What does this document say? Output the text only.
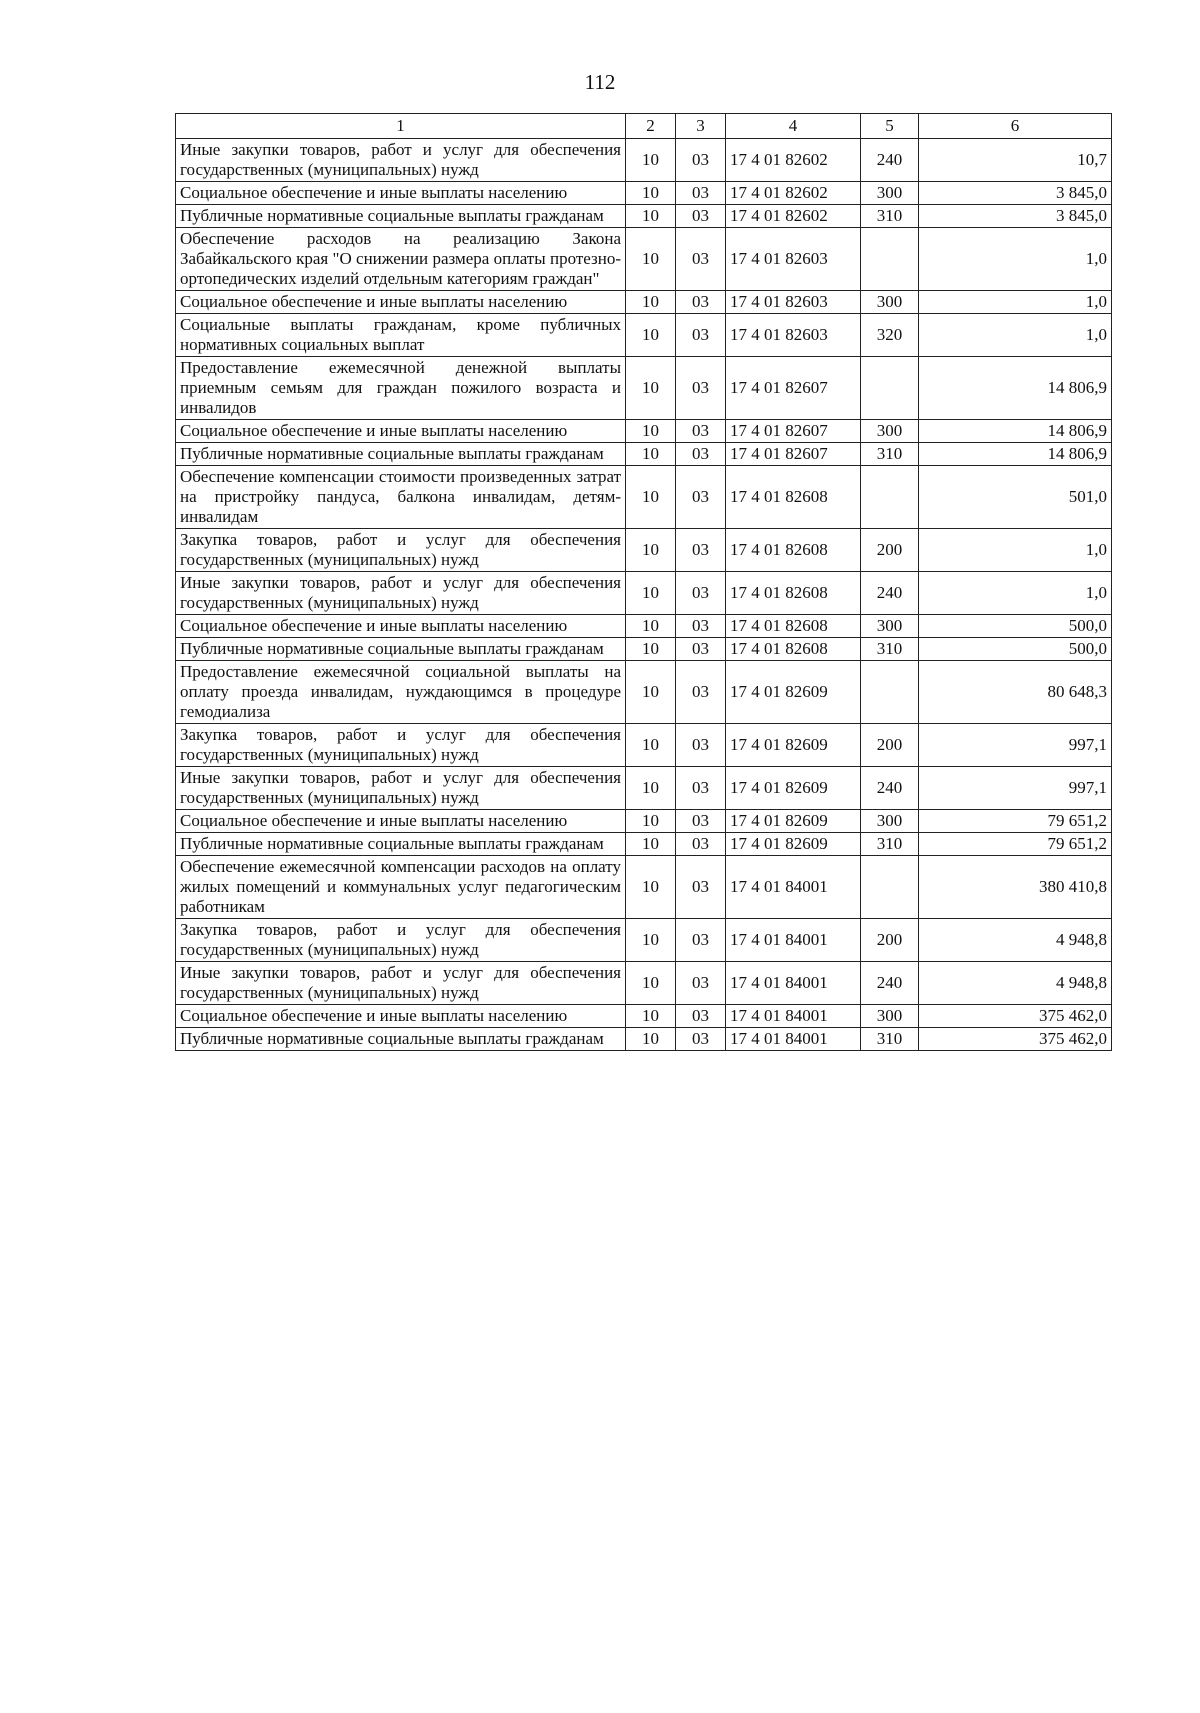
112
1	2	3	4	5	6
Иные закупки товаров, работ и услуг для обеспечения государственных (муниципальных) нужд	10	03	17 4 01 82602	240	10,7
Социальное обеспечение и иные выплаты населению	10	03	17 4 01 82602	300	3 845,0
Публичные нормативные социальные выплаты гражданам	10	03	17 4 01 82602	310	3 845,0
Обеспечение расходов на реализацию Закона Забайкальского края "О снижении размера оплаты протезно-ортопедических изделий отдельным категориям граждан"	10	03	17 4 01 82603		1,0
Социальное обеспечение и иные выплаты населению	10	03	17 4 01 82603	300	1,0
Социальные выплаты гражданам, кроме публичных нормативных социальных выплат	10	03	17 4 01 82603	320	1,0
Предоставление ежемесячной денежной выплаты приемным семьям для граждан пожилого возраста и инвалидов	10	03	17 4 01 82607		14 806,9
Социальное обеспечение и иные выплаты населению	10	03	17 4 01 82607	300	14 806,9
Публичные нормативные социальные выплаты гражданам	10	03	17 4 01 82607	310	14 806,9
Обеспечение компенсации стоимости произведенных затрат на пристройку пандуса, балкона инвалидам, детям-инвалидам	10	03	17 4 01 82608		501,0
Закупка товаров, работ и услуг для обеспечения государственных (муниципальных) нужд	10	03	17 4 01 82608	200	1,0
Иные закупки товаров, работ и услуг для обеспечения государственных (муниципальных) нужд	10	03	17 4 01 82608	240	1,0
Социальное обеспечение и иные выплаты населению	10	03	17 4 01 82608	300	500,0
Публичные нормативные социальные выплаты гражданам	10	03	17 4 01 82608	310	500,0
Предоставление ежемесячной социальной выплаты на оплату проезда инвалидам, нуждающимся в процедуре гемодиализа	10	03	17 4 01 82609		80 648,3
Закупка товаров, работ и услуг для обеспечения государственных (муниципальных) нужд	10	03	17 4 01 82609	200	997,1
Иные закупки товаров, работ и услуг для обеспечения государственных (муниципальных) нужд	10	03	17 4 01 82609	240	997,1
Социальное обеспечение и иные выплаты населению	10	03	17 4 01 82609	300	79 651,2
Публичные нормативные социальные выплаты гражданам	10	03	17 4 01 82609	310	79 651,2
Обеспечение ежемесячной компенсации расходов на оплату жилых помещений и коммунальных услуг педагогическим работникам	10	03	17 4 01 84001		380 410,8
Закупка товаров, работ и услуг для обеспечения государственных (муниципальных) нужд	10	03	17 4 01 84001	200	4 948,8
Иные закупки товаров, работ и услуг для обеспечения государственных (муниципальных) нужд	10	03	17 4 01 84001	240	4 948,8
Социальное обеспечение и иные выплаты населению	10	03	17 4 01 84001	300	375 462,0
Публичные нормативные социальные выплаты гражданам	10	03	17 4 01 84001	310	375 462,0
